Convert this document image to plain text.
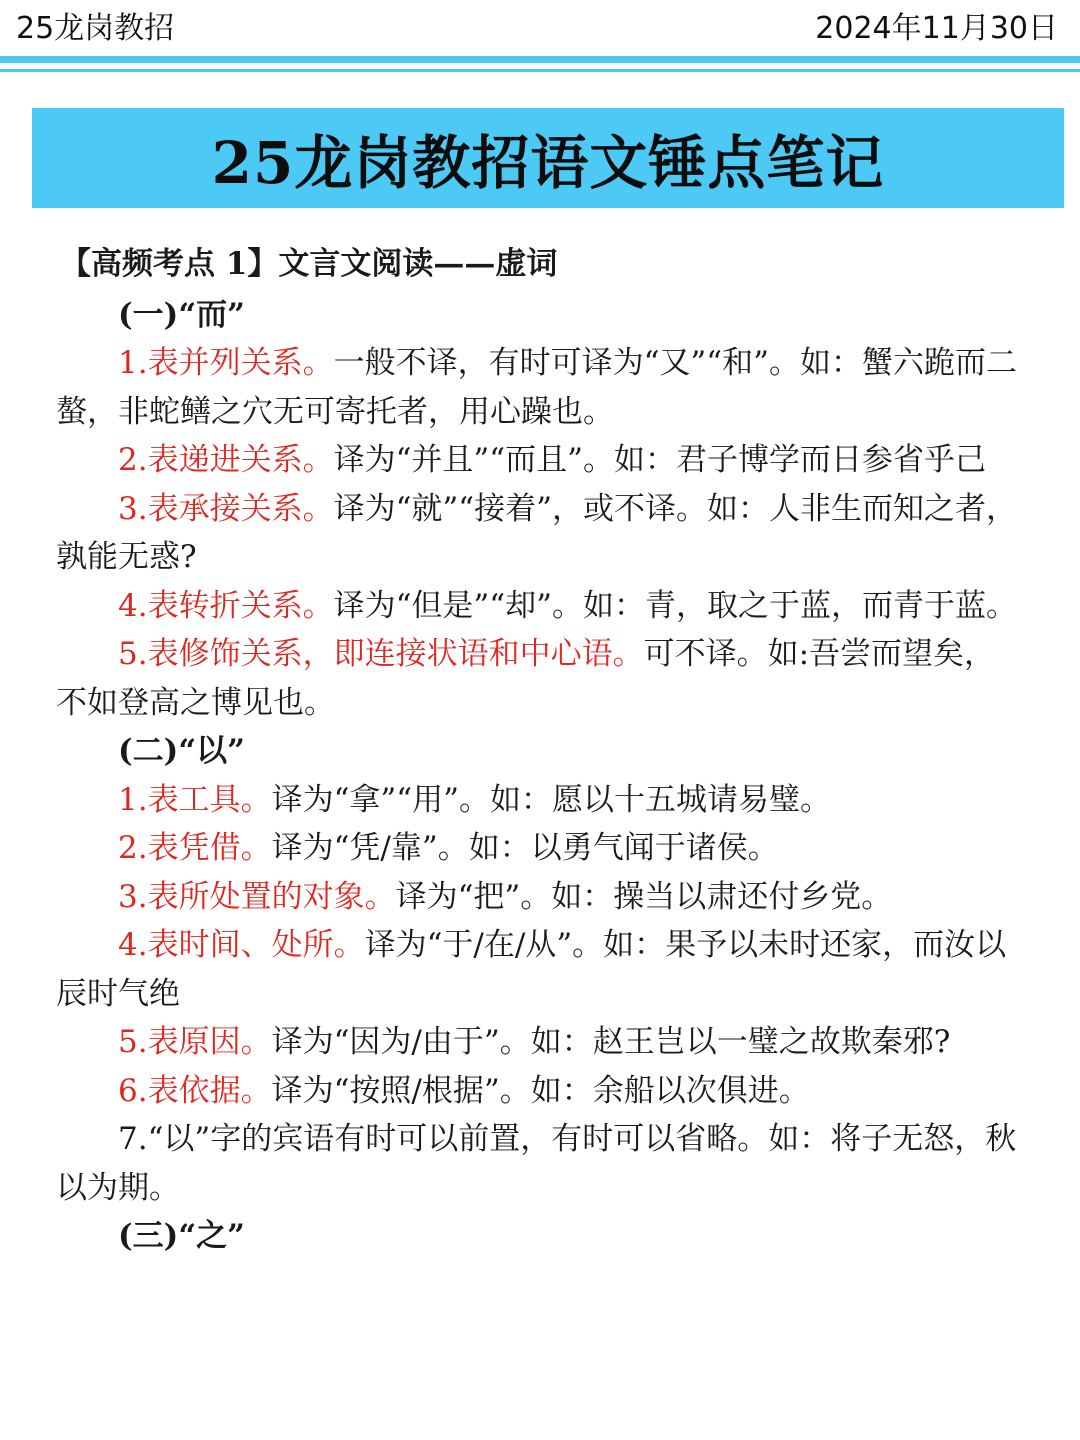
25龙岗教招	2024年11月30日
25龙岗教招语文锤点笔记
【高频考点 1】文言文阅读——虚词
(一)“而”

1.表并列关系。一般不译，有时可译为“又”“和”。如：蟹六跪而二螯，非蛇鳝之穴无可寄托者，用心躁也。

2.表递进关系。译为“并且”“而且”。如：君子博学而日参省乎己

3.表承接关系。译为“就”“接着”，或不译。如：人非生而知之者，孰能无惑?

4.表转折关系。译为“但是”“却”。如：青，取之于蓝，而青于蓝。

5.表修饰关系，即连接状语和中心语。可不译。如:吾尝而望矣，不如登高之博见也。

(二)“以”

1.表工具。译为“拿”“用”。如：愿以十五城请易璧。

2.表凭借。译为“凭/靠”。如：以勇气闻于诸侯。

3.表所处置的对象。译为“把”。如：操当以肃还付乡党。

4.表时间、处所。译为“于/在/从”。如：果予以未时还家，而汝以辰时气绝

5.表原因。译为“因为/由于”。如：赵王岂以一璧之故欺秦邪?

6.表依据。译为“按照/根据”。如：余船以次俱进。

7.“以”字的宾语有时可以前置，有时可以省略。如：将子无怒，秋以为期。

(三)“之”
